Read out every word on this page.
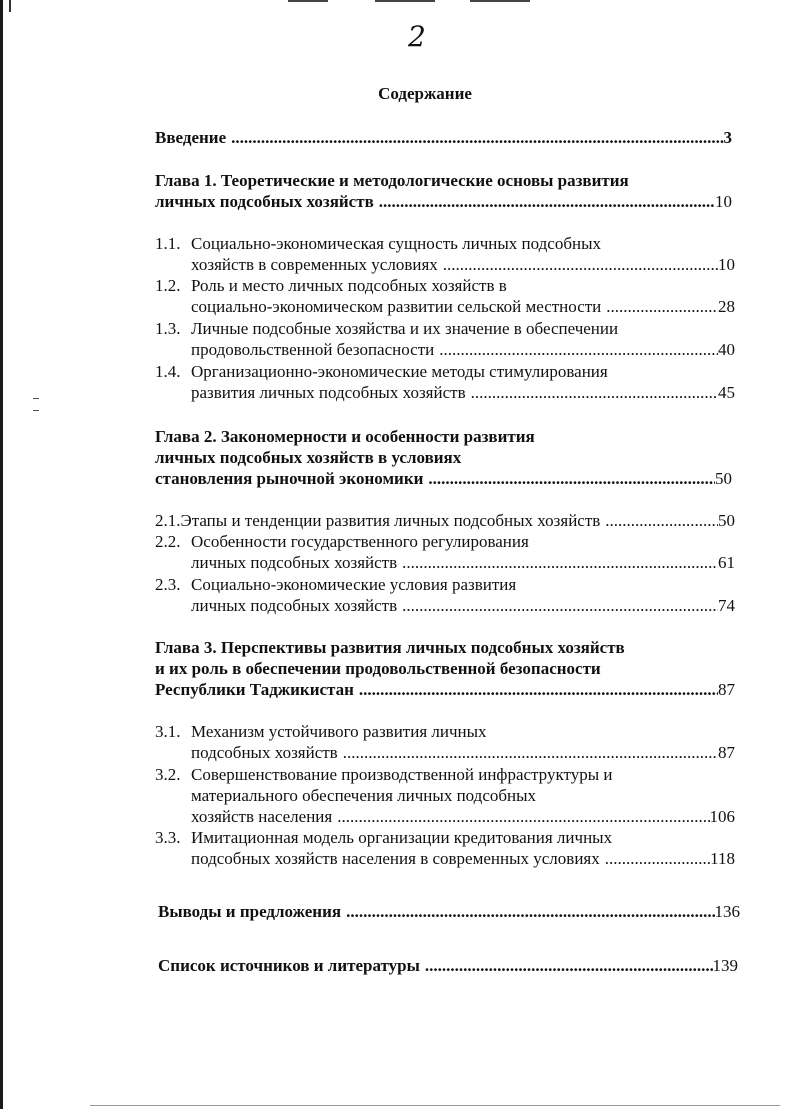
2
Содержание
Введение .....	3
Глава 1. Теоретические и методологические основы развития
личных подсобных хозяйств .....	10
1.1. Социально-экономическая сущность личных подсобных
хозяйств в современных условиях .....	10
1.2. Роль и место личных подсобных хозяйств в
социально-экономическом развитии сельской местности .....	28
1.3. Личные подсобные хозяйства и их значение в обеспечении
продовольственной безопасности .....	40
1.4. Организационно-экономические методы стимулирования
развития личных подсобных хозяйств .....	45
Глава 2. Закономерности и особенности развития
личных подсобных хозяйств в условиях
становления рыночной экономики .....	50
2.1. Этапы и тенденции развития личных подсобных хозяйств .....	50
2.2. Особенности государственного регулирования
личных подсобных хозяйств .....	61
2.3. Социально-экономические условия развития
личных подсобных хозяйств .....	74
Глава 3. Перспективы развития личных подсобных хозяйств
и их роль в обеспечении продовольственной безопасности
Республики Таджикистан .....	87
3.1. Механизм устойчивого развития личных
подсобных хозяйств .....	87
3.2. Совершенствование производственной инфраструктуры и
материального обеспечения личных подсобных
хозяйств населения .....	106
3.3. Имитационная модель организации кредитования личных
подсобных хозяйств населения в современных условиях .....	118
Выводы и предложения .....	136
Список источников и литературы .....	139
